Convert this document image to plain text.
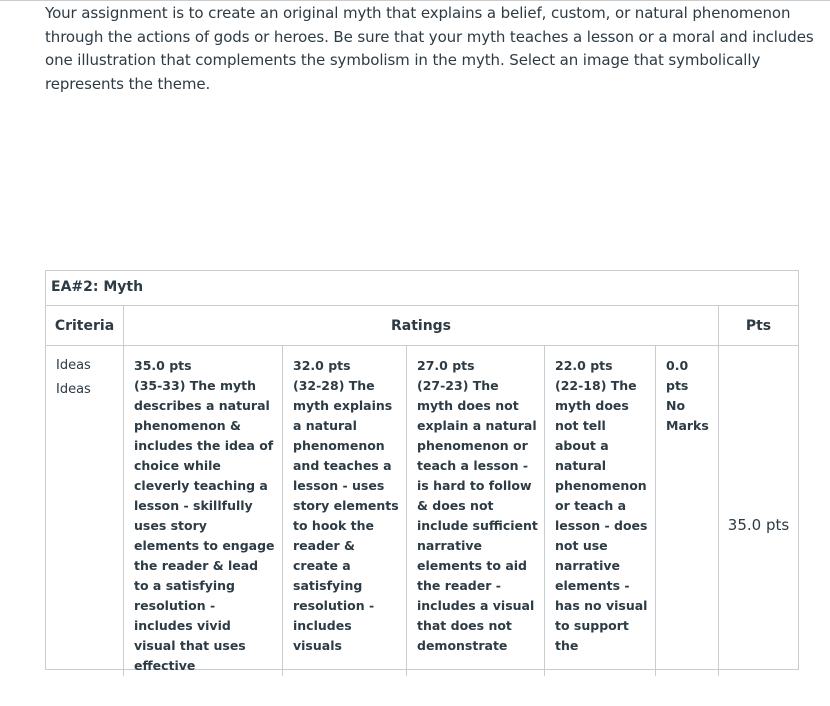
Your assignment is to create an original myth that explains a belief, custom, or natural phenomenon through the actions of gods or heroes. Be sure that your myth teaches a lesson or a moral and includes one illustration that complements the symbolism in the myth. Select an image that symbolically represents the theme.

EA#2: Myth
Criteria	Ratings	Pts
Ideas
Ideas
35.0 pts
(35-33) The myth describes a natural phenomenon & includes the idea of choice while cleverly teaching a lesson - skillfully uses story elements to engage the reader & lead to a satisfying resolution - includes vivid visual that uses effective
32.0 pts
(32-28) The myth explains a natural phenomenon and teaches a lesson - uses story elements to hook the reader & create a satisfying resolution - includes visuals
27.0 pts
(27-23) The myth does not explain a natural phenomenon or teach a lesson - is hard to follow & does not include sufficient narrative elements to aid the reader - includes a visual that does not demonstrate
22.0 pts
(22-18) The myth does not tell about a natural phenomenon or teach a lesson - does not use narrative elements - has no visual to support the
0.0 pts
No Marks
35.0 pts
